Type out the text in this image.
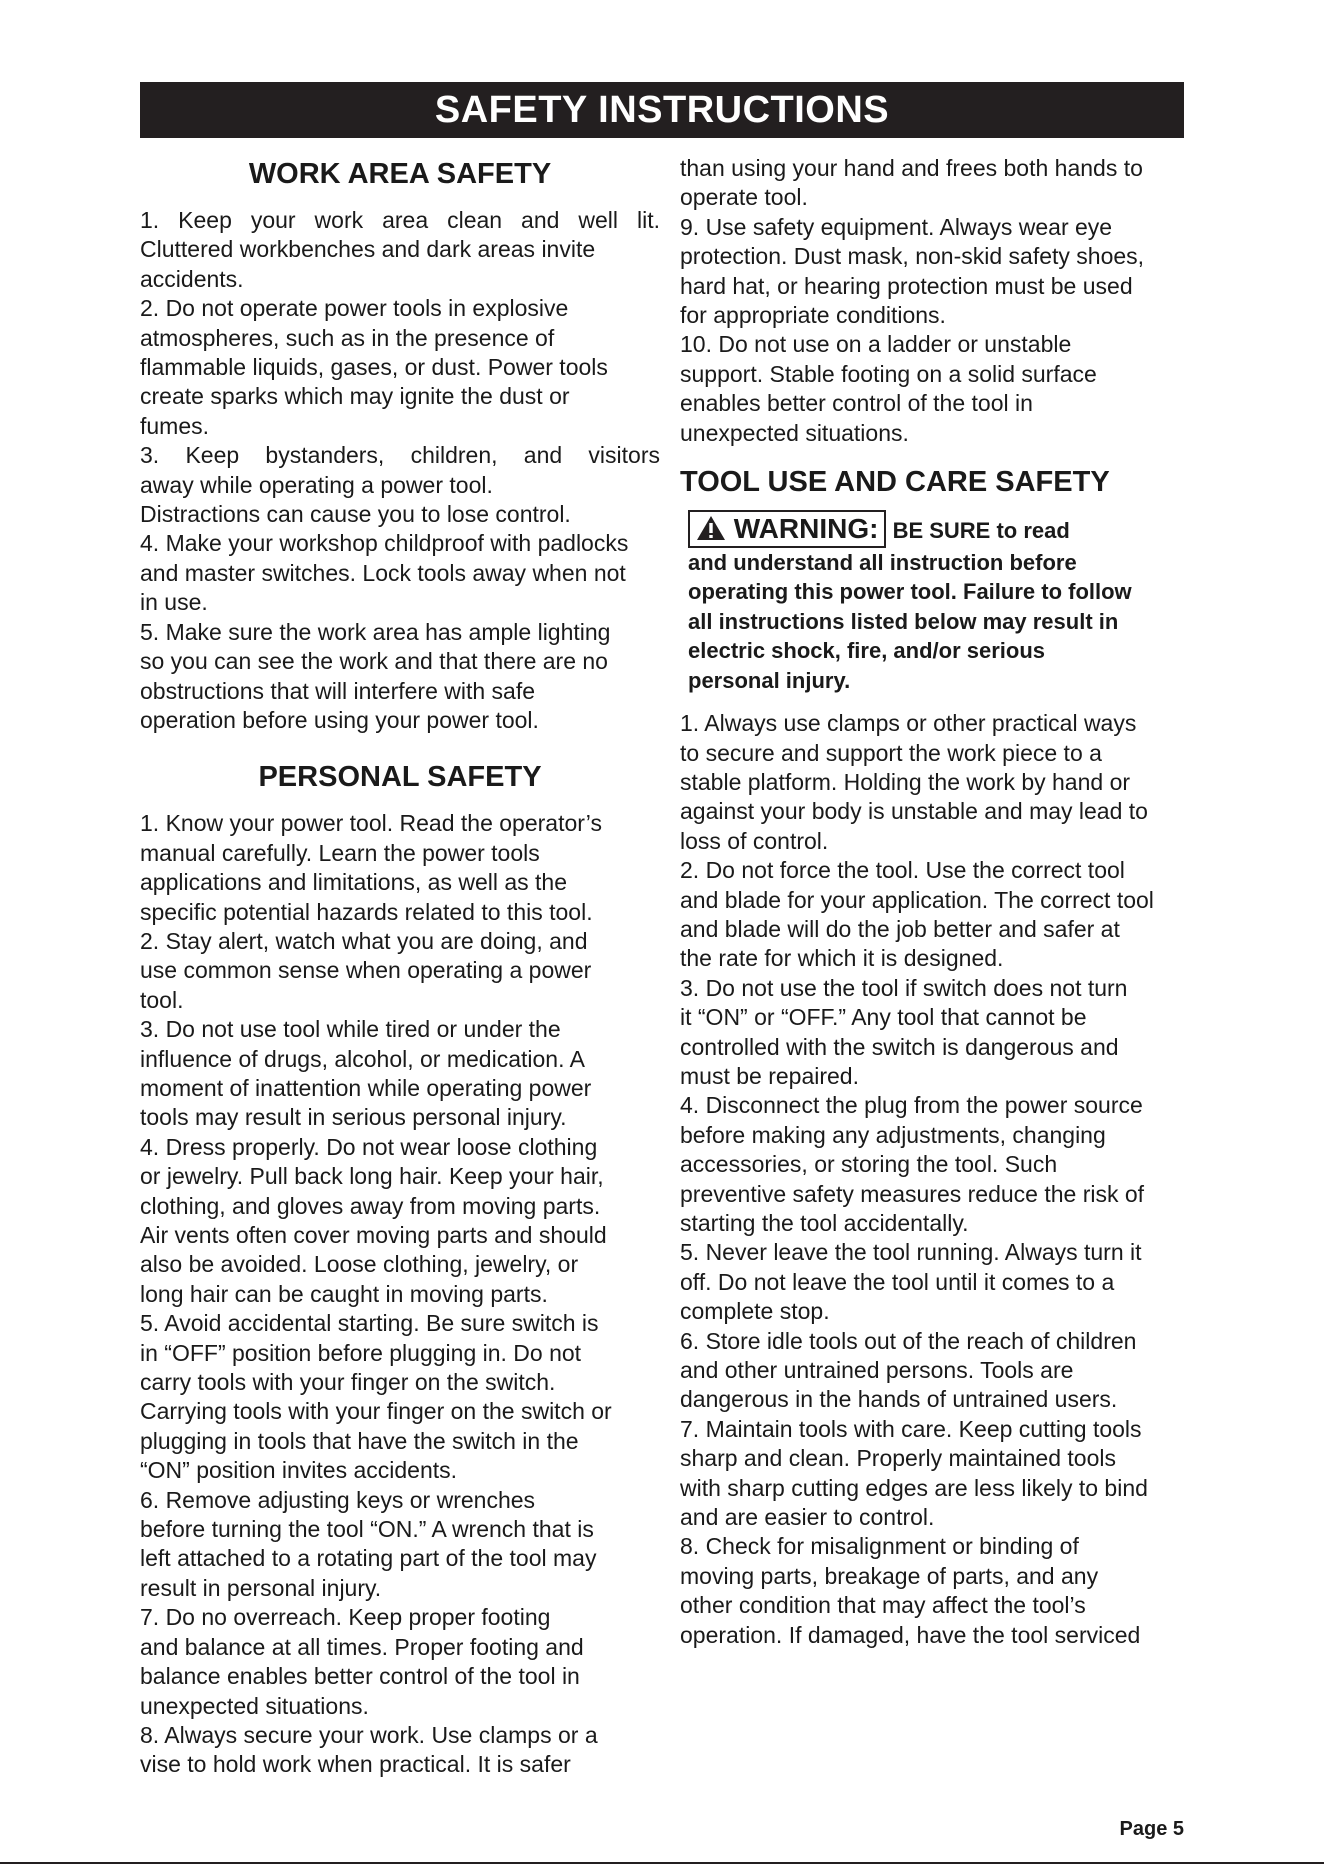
SAFETY INSTRUCTIONS
WORK AREA SAFETY

1. Keep your work area clean and well lit.

Cluttered workbenches and dark areas invite

accidents.

2. Do not operate power tools in explosive

atmospheres, such as in the presence of

flammable liquids, gases, or dust. Power tools

create sparks which may ignite the dust or

fumes.

3. Keep bystanders, children, and visitors

away while operating a power tool.

Distractions can cause you to lose control.

4. Make your workshop childproof with padlocks

and master switches. Lock tools away when not

in use.

5. Make sure the work area has ample lighting

so you can see the work and that there are no

obstructions that will interfere with safe

operation before using your power tool.

PERSONAL SAFETY

1. Know your power tool. Read the operator’s

manual carefully. Learn the power tools

applications and limitations, as well as the

specific potential hazards related to this tool.

2. Stay alert, watch what you are doing, and

use common sense when operating a power

tool.

3. Do not use tool while tired or under the

influence of drugs, alcohol, or medication. A

moment of inattention while operating power

tools may result in serious personal injury.

4. Dress properly. Do not wear loose clothing

or jewelry. Pull back long hair. Keep your hair,

clothing, and gloves away from moving parts.

Air vents often cover moving parts and should

also be avoided. Loose clothing, jewelry, or

long hair can be caught in moving parts.

5. Avoid accidental starting. Be sure switch is

in “OFF” position before plugging in. Do not

carry tools with your finger on the switch.

Carrying tools with your finger on the switch or

plugging in tools that have the switch in the

“ON” position invites accidents.

6. Remove adjusting keys or wrenches

before turning the tool “ON.” A wrench that is

left attached to a rotating part of the tool may

result in personal injury.

7. Do no overreach. Keep proper footing

and balance at all times. Proper footing and

balance enables better control of the tool in

unexpected situations.

8. Always secure your work. Use clamps or a

vise to hold work when practical. It is safer

than using your hand and frees both hands to

operate tool.

9. Use safety equipment. Always wear eye

protection. Dust mask, non-skid safety shoes,

hard hat, or hearing protection must be used

for appropriate conditions.

10. Do not use on a ladder or unstable

support. Stable footing on a solid surface

enables better control of the tool in

unexpected situations.

TOOL USE AND CARE SAFETY
WARNING: BE SURE to read
and understand all instruction before
operating this power tool. Failure to follow
all instructions listed below may result in
electric shock, fire, and/or serious
personal injury.

1. Always use clamps or other practical ways

to secure and support the work piece to a

stable platform. Holding the work by hand or

against your body is unstable and may lead to

loss of control.

2. Do not force the tool. Use the correct tool

and blade for your application. The correct tool

and blade will do the job better and safer at

the rate for which it is designed.

3. Do not use the tool if switch does not turn

it “ON” or “OFF.” Any tool that cannot be

controlled with the switch is dangerous and

must be repaired.

4. Disconnect the plug from the power source

before making any adjustments, changing

accessories, or storing the tool. Such

preventive safety measures reduce the risk of

starting the tool accidentally.

5. Never leave the tool running. Always turn it

off. Do not leave the tool until it comes to a

complete stop.

6. Store idle tools out of the reach of children

and other untrained persons. Tools are

dangerous in the hands of untrained users.

7. Maintain tools with care. Keep cutting tools

sharp and clean. Properly maintained tools

with sharp cutting edges are less likely to bind

and are easier to control.

8. Check for misalignment or binding of

moving parts, breakage of parts, and any

other condition that may affect the tool’s

operation. If damaged, have the tool serviced

Page 5
